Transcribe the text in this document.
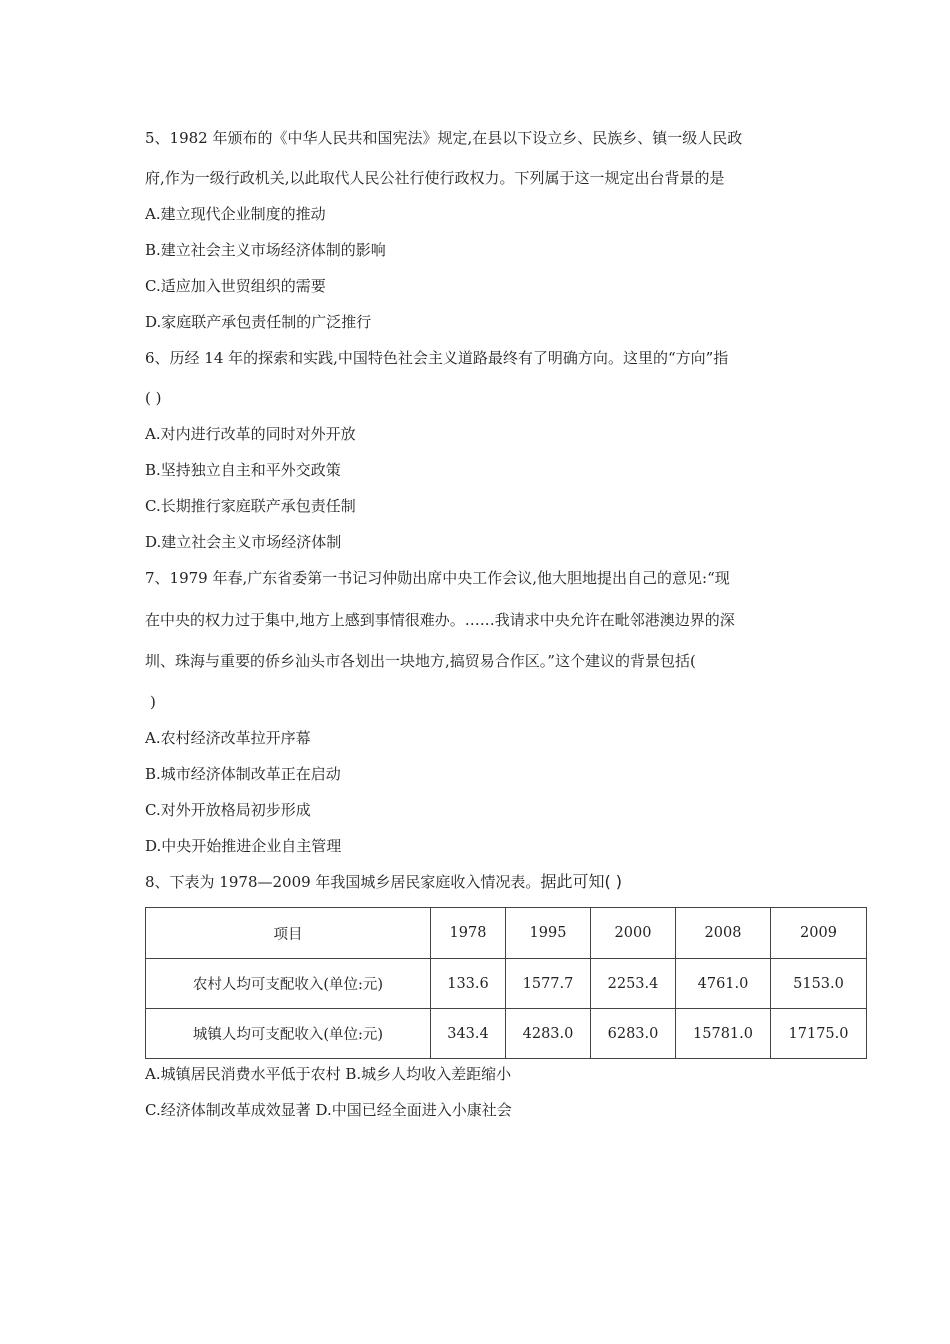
5、1982 年颁布的《中华人民共和国宪法》规定,在县以下设立乡、民族乡、镇一级人民政

府,作为一级行政机关,以此取代人民公社行使行政权力。下列属于这一规定出台背景的是

A.建立现代企业制度的推动

B.建立社会主义市场经济体制的影响

C.适应加入世贸组织的需要

D.家庭联产承包责任制的广泛推行

6、历经 14 年的探索和实践,中国特色社会主义道路最终有了明确方向。这里的“方向”指

( )

A.对内进行改革的同时对外开放

B.坚持独立自主和平外交政策

C.长期推行家庭联产承包责任制

D.建立社会主义市场经济体制

7、1979 年春,广东省委第一书记习仲勋出席中央工作会议,他大胆地提出自己的意见:“现

在中央的权力过于集中,地方上感到事情很难办。……我请求中央允许在毗邻港澳边界的深

圳、珠海与重要的侨乡汕头市各划出一块地方,搞贸易合作区。”这个建议的背景包括(

)

A.农村经济改革拉开序幕

B.城市经济体制改革正在启动

C.对外开放格局初步形成

D.中央开始推进企业自主管理

8、下表为 1978—2009 年我国城乡居民家庭收入情况表。据此可知( )

项目	1978	1995	2000	2008	2009
农村人均可支配收入(单位:元)	133.6	1577.7	2253.4	4761.0	5153.0
城镇人均可支配收入(单位:元)	343.4	4283.0	6283.0	15781.0	17175.0

A.城镇居民消费水平低于农村 B.城乡人均收入差距缩小

C.经济体制改革成效显著 D.中国已经全面进入小康社会
